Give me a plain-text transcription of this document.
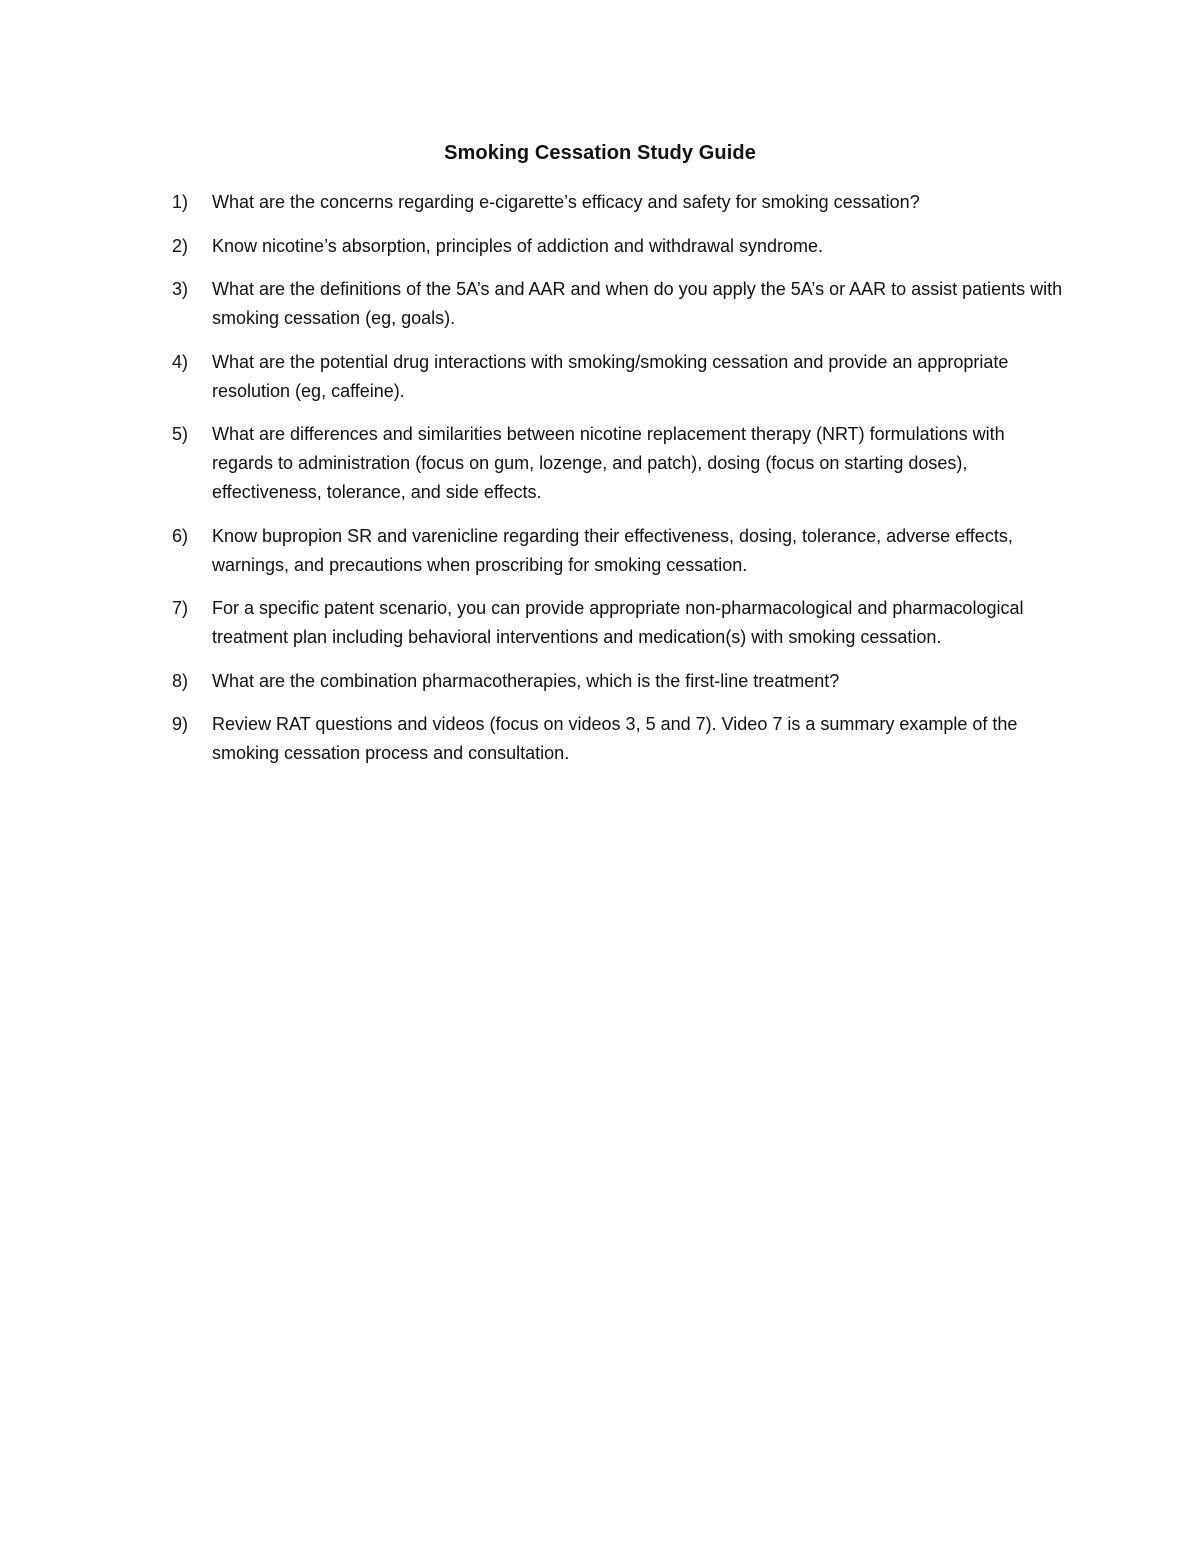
Smoking Cessation Study Guide
1)	What are the concerns regarding e-cigarette’s efficacy and safety for smoking cessation?
2)	Know nicotine’s absorption, principles of addiction and withdrawal syndrome.
3)	What are the definitions of the 5A’s and AAR and when do you apply the 5A’s or AAR to assist patients with smoking cessation (eg, goals).
4)	What are the potential drug interactions with smoking/smoking cessation and provide an appropriate resolution (eg, caffeine).
5)	What are differences and similarities between nicotine replacement therapy (NRT) formulations with regards to administration (focus on gum, lozenge, and patch), dosing (focus on starting doses), effectiveness, tolerance, and side effects.
6)	Know bupropion SR and varenicline regarding their effectiveness, dosing, tolerance, adverse effects, warnings, and precautions when proscribing for smoking cessation.
7)	For a specific patent scenario, you can provide appropriate non-pharmacological and pharmacological treatment plan including behavioral interventions and medication(s) with smoking cessation.
8)	What are the combination pharmacotherapies, which is the first-line treatment?
9)	Review RAT questions and videos (focus on videos 3, 5 and 7). Video 7 is a summary example of the smoking cessation process and consultation.
